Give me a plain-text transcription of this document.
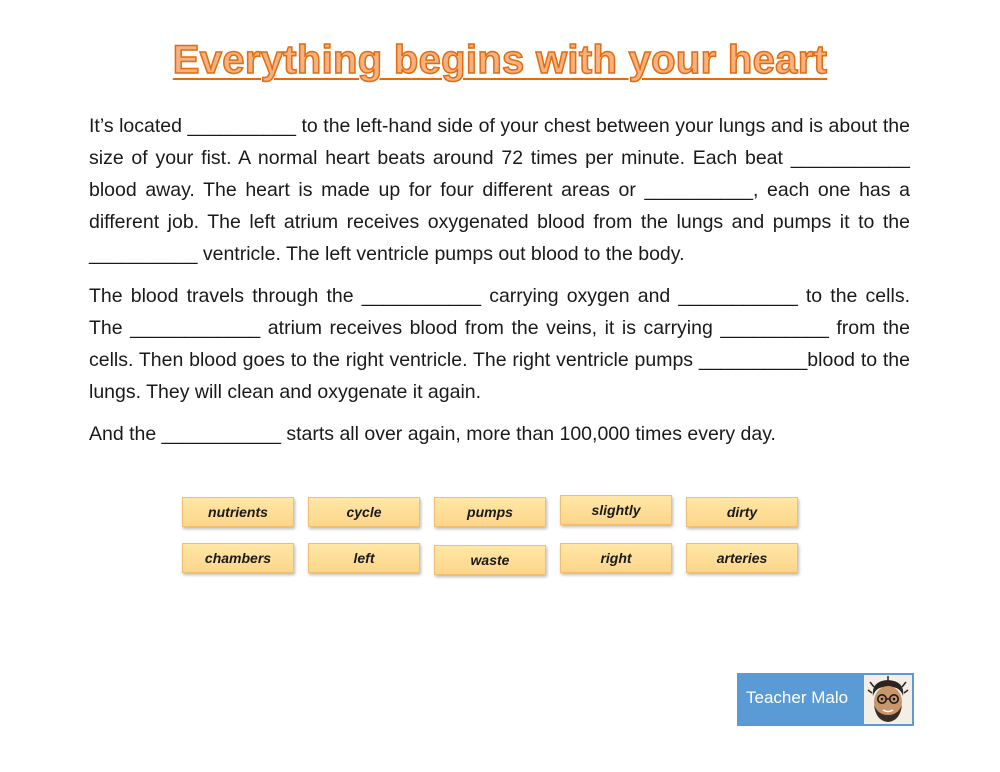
Everything begins with your heart

It’s located __________ to the left-hand side of your chest between your lungs and is about the size of your fist. A normal heart beats around 72 times per minute. Each beat ___________ blood away. The heart is made up for four different areas or __________, each one has a different job. The left atrium receives oxygenated blood from the lungs and pumps it to the __________ ventricle. The left ventricle pumps out blood to the body.

The blood travels through the ___________ carrying oxygen and ___________ to the cells. The ____________ atrium receives blood from the veins, it is carrying __________ from the cells. Then blood goes to the right ventricle. The right ventricle pumps __________blood to the lungs. They will clean and oxygenate it again.

And the ___________ starts all over again, more than 100,000 times every day.

nutrients	cycle	pumps	slightly	dirty
chambers	left	waste	right	arteries
Teacher Malo
